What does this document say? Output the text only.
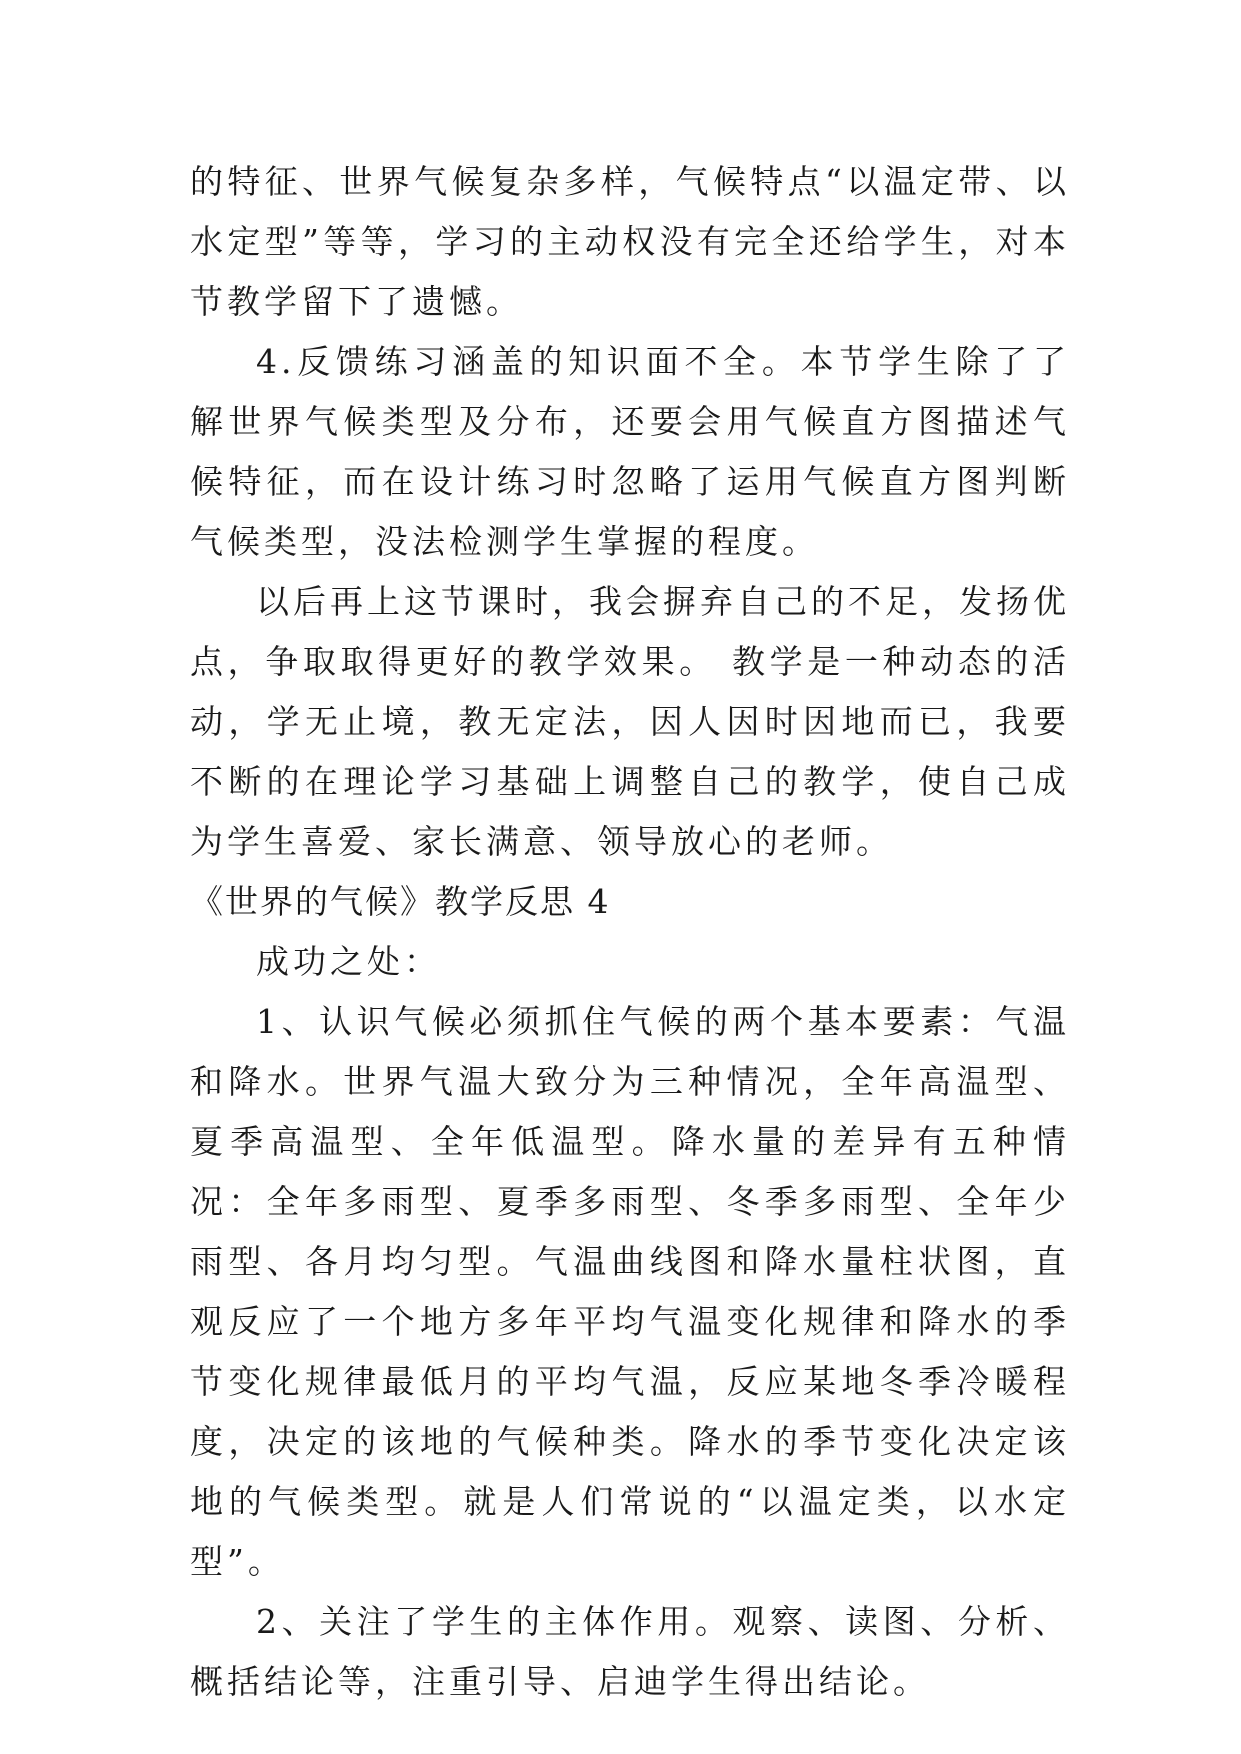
的特征、世界气候复杂多样，气候特点“以温定带、以水定型”等等，学习的主动权没有完全还给学生，对本节教学留下了遗憾。

4.反馈练习涵盖的知识面不全。本节学生除了了解世界气候类型及分布，还要会用气候直方图描述气候特征，而在设计练习时忽略了运用气候直方图判断气候类型，没法检测学生掌握的程度。

以后再上这节课时，我会摒弃自己的不足，发扬优点，争取取得更好的教学效果。 教学是一种动态的活动，学无止境，教无定法，因人因时因地而已，我要不断的在理论学习基础上调整自己的教学，使自己成为学生喜爱、家长满意、领导放心的老师。

《世界的气候》教学反思 4

成功之处：

1、认识气候必须抓住气候的两个基本要素：气温和降水。世界气温大致分为三种情况，全年高温型、夏季高温型、全年低温型。降水量的差异有五种情况：全年多雨型、夏季多雨型、冬季多雨型、全年少雨型、各月均匀型。气温曲线图和降水量柱状图，直观反应了一个地方多年平均气温变化规律和降水的季节变化规律最低月的平均气温，反应某地冬季冷暖程度，决定的该地的气候种类。降水的季节变化决定该地的气候类型。就是人们常说的“以温定类，以水定型”。

2、关注了学生的主体作用。观察、读图、分析、概括结论等，注重引导、启迪学生得出结论。
